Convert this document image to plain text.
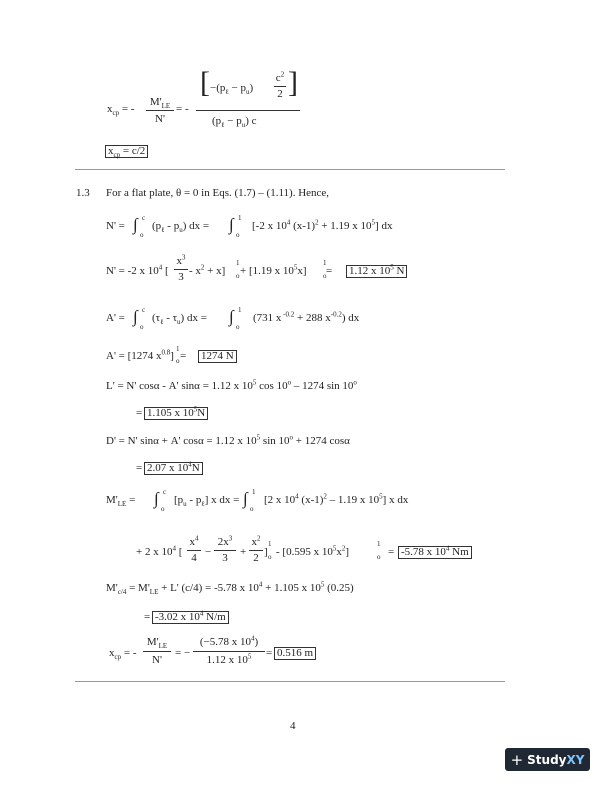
$x_{cp}$ = -
$M'_{LE}$
N'
= -
[ $-(p_\ell - p_u)$
$c^2$
2 ]
$(p_\ell - p_u)$ c
$x_{cp} = c/2$
1.3 For a flat plate, θ = 0 in Eqs. (1.7) – (1.11). Hence,
N' = ∫ c
o
$(p_\ell - p_u)$ dx = ∫ 1
o
[-2 x $10^4$ $(x-1)^2 + 1.19$ x $10^5$] dx
N' = -2 x $10^4$ [
$x^3$
$3 - x^2 + x$]
1
o + [1.19 x $10^5x$]
1
o = 1.12 x $10^5$ N
A' = ∫ c
o
$(\tau_\ell - \tau_u)$ dx = ∫ 1
o
(731 x $^{-0.2}$ + 288 $x^{-0.2}$) dx
A' = [1274 $x^{0.8}$]
1
o = 1274 N
L' = N' cosα - A' sinα = 1.12 x $10^5$ cos 10$^o$ – 1274 $\sin 10^o$
= 1.105 x $10^5N$
D' = N' sinα + A' cosα = 1.12 x $10^5$ $\sin 10^o + 1274$ cosα
= 2.07 x $10^4N$
$M'_{LE}$ = ∫ c
o
$[p_u - p_\ell]$ x dx = ∫ 1
o
[2 x $10^4$ $(x-1)^2 - 1.19$ x $10^5$] x dx
+ 2 x $10^4$ [
$x^4$
4 −
$2x^3$
3	+
$x^2$
2 ]
1
o - [0.595 x $10^5x^2$]
1
o = -5.78 x $10^4$ Nm
$M'_{c/4} = M'_{LE} + L'$ (c/4) = -5.78 x $10^4 + 1.105$ x $10^5$ (0.25)
= -3.02 x $10^4$ N/m
$x_{cp}$ = -
$M'_{LE}$
N'
= −
(−5.78 x $10^4$)
1.12 x $10^5$	= 0.516 m
4
+ StudyXY
